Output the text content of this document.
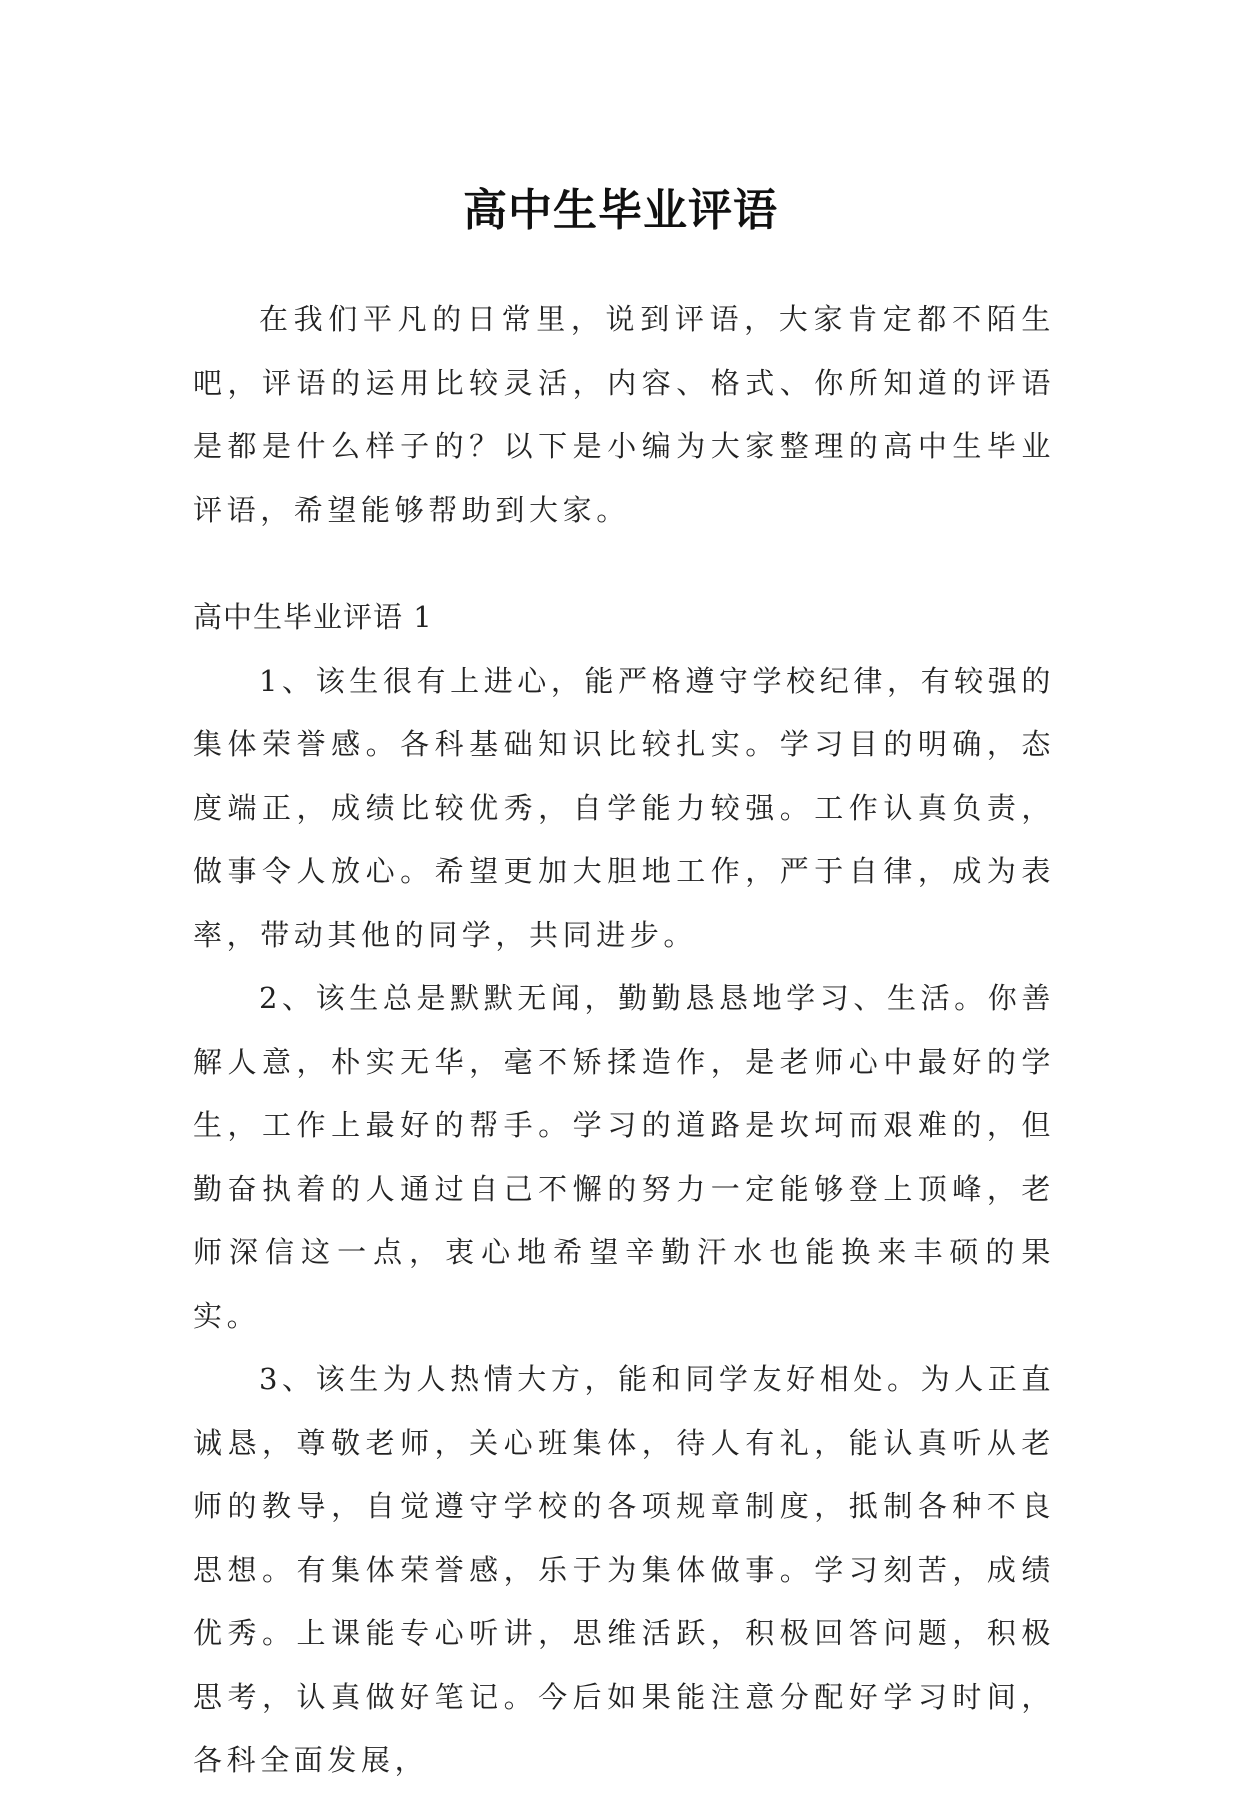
高中生毕业评语

在我们平凡的日常里，说到评语，大家肯定都不陌生吧，评语的运用比较灵活，内容、格式、你所知道的评语是都是什么样子的？以下是小编为大家整理的高中生毕业评语，希望能够帮助到大家。

高中生毕业评语 1

1、该生很有上进心，能严格遵守学校纪律，有较强的集体荣誉感。各科基础知识比较扎实。学习目的明确，态度端正，成绩比较优秀，自学能力较强。工作认真负责，做事令人放心。希望更加大胆地工作，严于自律，成为表率，带动其他的同学，共同进步。

2、该生总是默默无闻，勤勤恳恳地学习、生活。你善解人意，朴实无华，毫不矫揉造作，是老师心中最好的学生，工作上最好的帮手。学习的道路是坎坷而艰难的，但勤奋执着的人通过自己不懈的努力一定能够登上顶峰，老师深信这一点，衷心地希望辛勤汗水也能换来丰硕的果实。

3、该生为人热情大方，能和同学友好相处。为人正直诚恳，尊敬老师，关心班集体，待人有礼，能认真听从老师的教导，自觉遵守学校的各项规章制度，抵制各种不良思想。有集体荣誉感，乐于为集体做事。学习刻苦，成绩优秀。上课能专心听讲，思维活跃，积极回答问题，积极思考，认真做好笔记。今后如果能注意分配好学习时间，各科全面发展，
